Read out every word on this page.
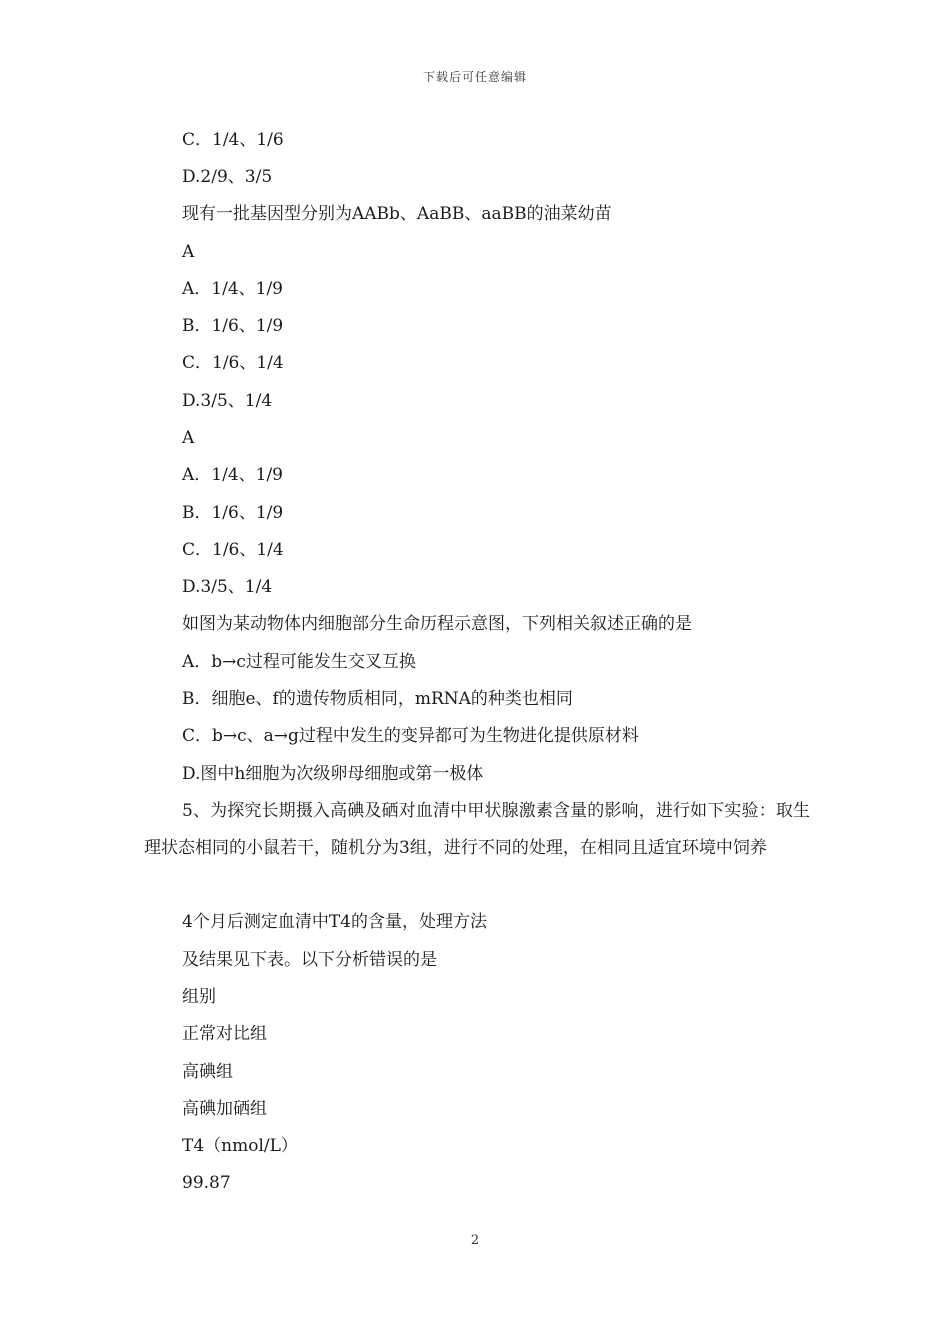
下载后可任意编辑
C．1/4、1/6
D.2/9、3/5
现有一批基因型分别为AABb、AaBB、aaBB的油菜幼苗
A
A．1/4、1/9
B．1/6、1/9
C．1/6、1/4
D.3/5、1/4
A
A．1/4、1/9
B．1/6、1/9
C．1/6、1/4
D.3/5、1/4
如图为某动物体内细胞部分生命历程示意图，下列相关叙述正确的是
A．b→c过程可能发生交叉互换
B．细胞e、f的遗传物质相同，mRNA的种类也相同
C．b→c、a→g过程中发生的变异都可为生物进化提供原材料
D.图中h细胞为次级卵母细胞或第一极体
5、为探究长期摄入高碘及硒对血清中甲状腺激素含量的影响，进行如下实验：取生理状态相同的小鼠若干，随机分为3组，进行不同的处理，在相同且适宜环境中饲养
4个月后测定血清中T4的含量，处理方法
及结果见下表。以下分析错误的是
组别
正常对比组
高碘组
高碘加硒组
T4（nmol/L）
99.87
2
